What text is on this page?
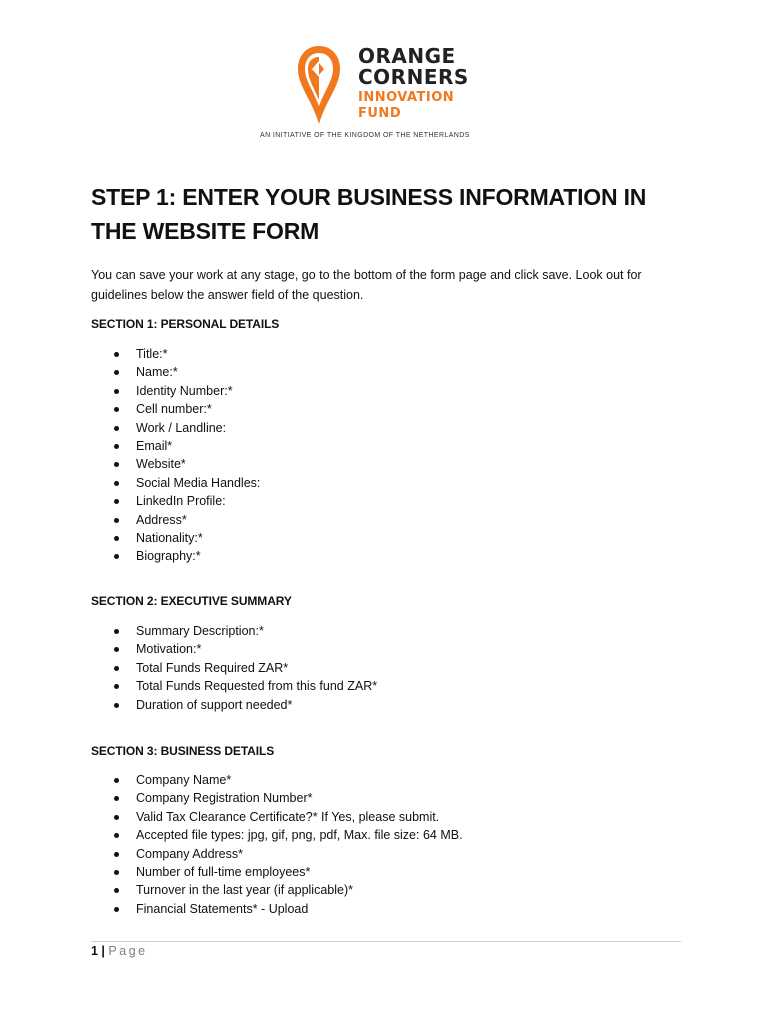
ORANGE
CORNERS
INNOVATION
FUND
AN INITIATIVE OF THE KINGDOM OF THE NETHERLANDS
STEP 1: ENTER YOUR BUSINESS INFORMATION IN THE WEBSITE FORM

You can save your work at any stage, go to the bottom of the form page and click save. Look out for guidelines below the answer field of the question.

SECTION 1: PERSONAL DETAILS
Title:*
Name:*
Identity Number:*
Cell number:*
Work / Landline:
Email*
Website*
Social Media Handles:
LinkedIn Profile:
Address*
Nationality:*
Biography:*
SECTION 2: EXECUTIVE SUMMARY
Summary Description:*
Motivation:*
Total Funds Required ZAR*
Total Funds Requested from this fund ZAR*
Duration of support needed*
SECTION 3: BUSINESS DETAILS
Company Name*
Company Registration Number*
Valid Tax Clearance Certificate?* If Yes, please submit.
Accepted file types: jpg, gif, png, pdf, Max. file size: 64 MB.
Company Address*
Number of full-time employees*
Turnover in the last year (if applicable)*
Financial Statements* - Upload
1 | Page
